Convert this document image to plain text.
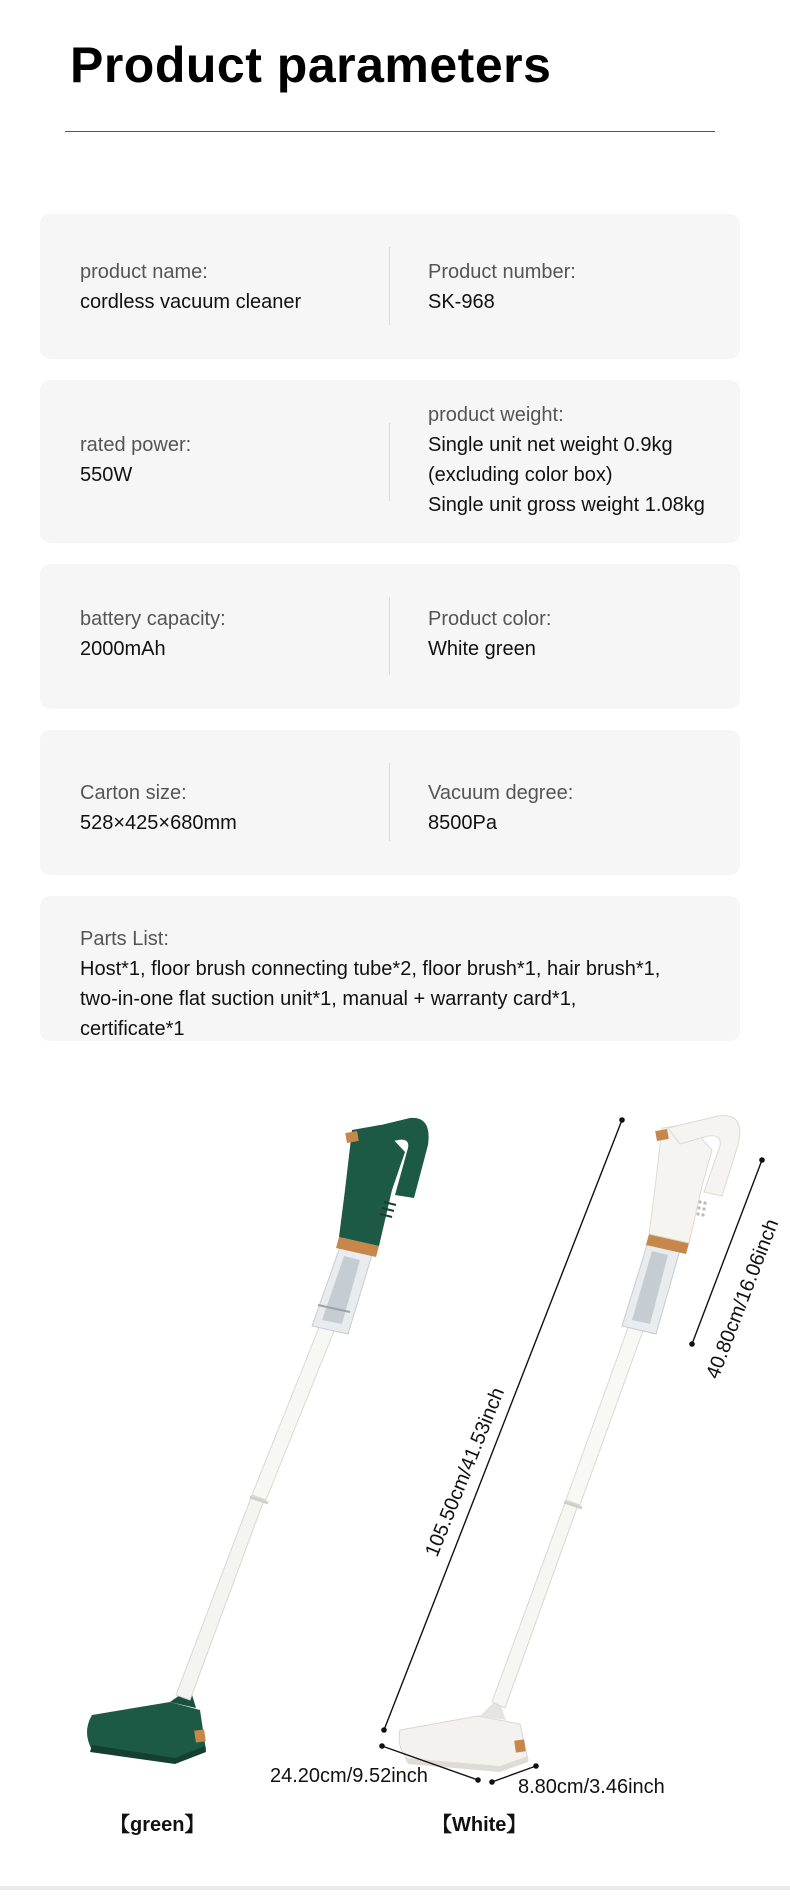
Product parameters
product name:
cordless vacuum cleaner
Product number:
SK-968
rated power:
550W
product weight:
Single unit net weight 0.9kg
(excluding color box)
Single unit gross weight 1.08kg
battery capacity:
2000mAh
Product color:
White green
Carton size:
528×425×680mm
Vacuum degree:
8500Pa
Parts List:
Host*1, floor brush connecting tube*2, floor brush*1, hair brush*1,
two-in-one flat suction unit*1, manual + warranty card*1,
certificate*1
105.50cm/41.53inch
40.80cm/16.06inch
24.20cm/9.52inch	8.80cm/3.46inch
【green】	【White】
